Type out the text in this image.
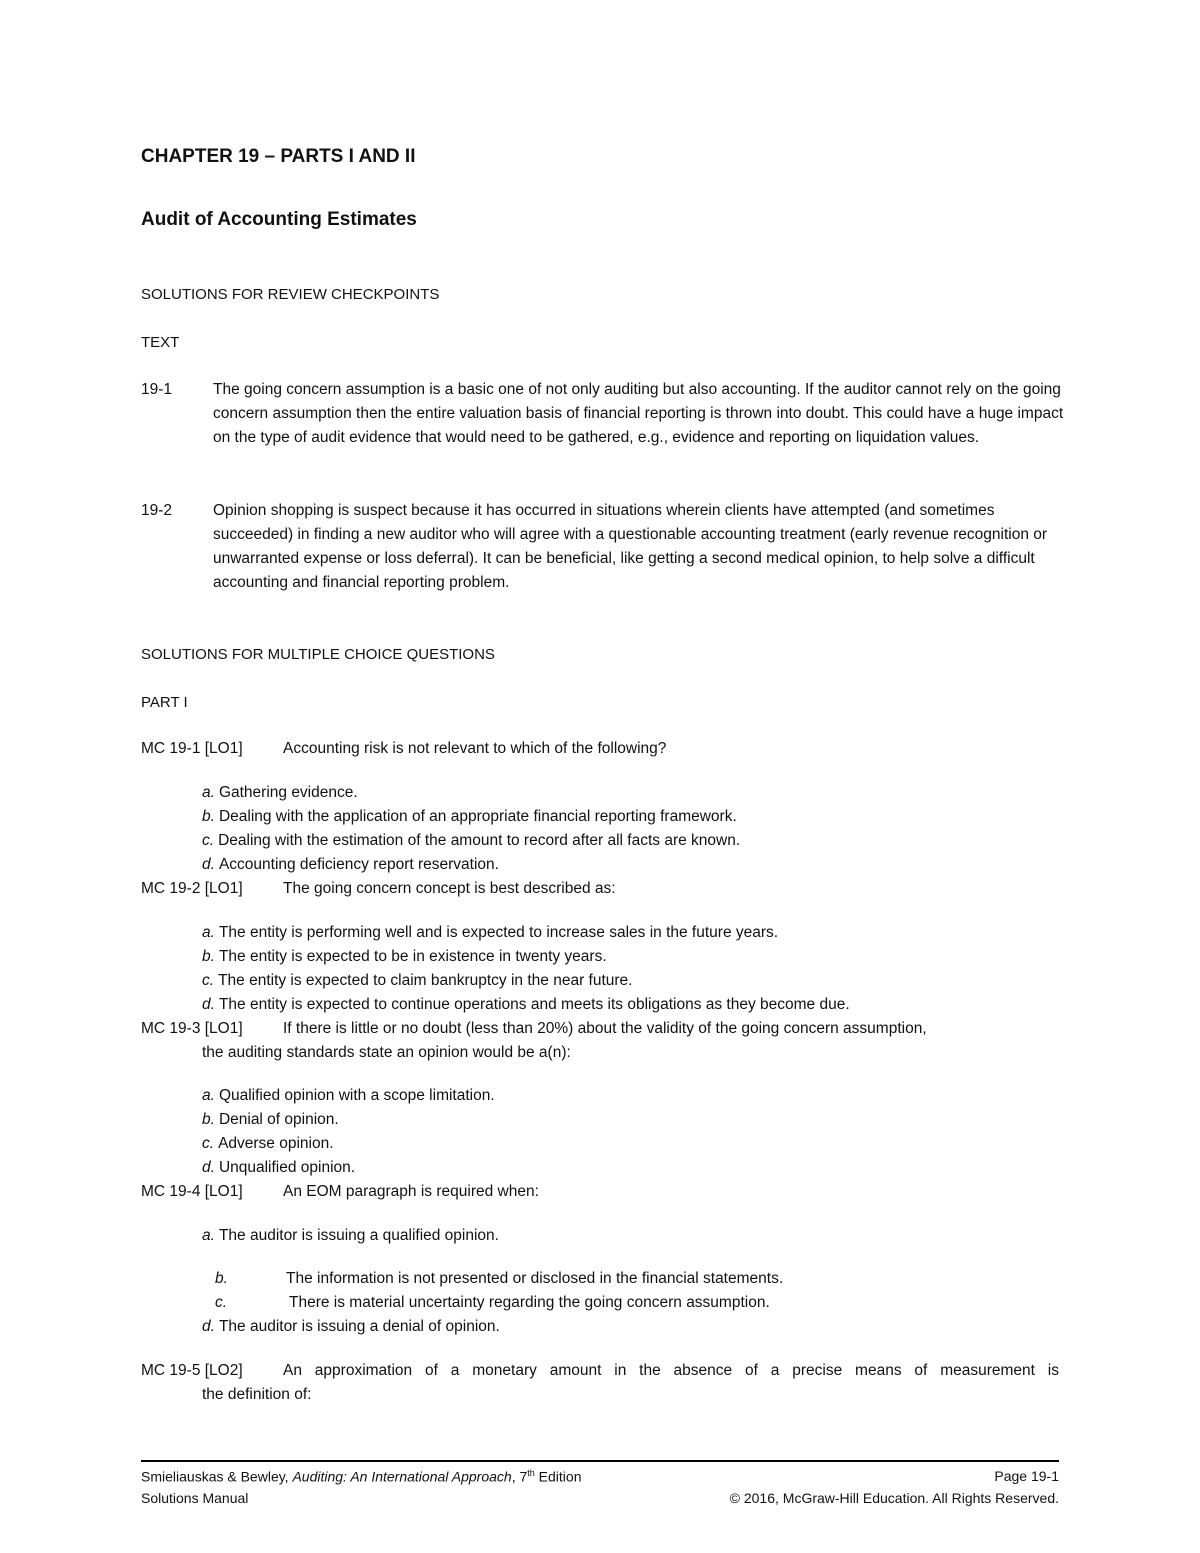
CHAPTER 19 – PARTS I AND II
Audit of Accounting Estimates
SOLUTIONS FOR REVIEW CHECKPOINTS
TEXT
19-1	The going concern assumption is a basic one of not only auditing but also accounting. If the auditor cannot rely on the going concern assumption then the entire valuation basis of financial reporting is thrown into doubt. This could have a huge impact on the type of audit evidence that would need to be gathered, e.g., evidence and reporting on liquidation values.
19-2	Opinion shopping is suspect because it has occurred in situations wherein clients have attempted (and sometimes succeeded) in finding a new auditor who will agree with a questionable accounting treatment (early revenue recognition or unwarranted expense or loss deferral). It can be beneficial, like getting a second medical opinion, to help solve a difficult accounting and financial reporting problem.
SOLUTIONS FOR MULTIPLE CHOICE QUESTIONS
PART I
MC 19-1 [LO1]	Accounting risk is not relevant to which of the following?
a. Gathering evidence.
b. Dealing with the application of an appropriate financial reporting framework.
c. Dealing with the estimation of the amount to record after all facts are known.
d. Accounting deficiency report reservation.
MC 19-2 [LO1]	The going concern concept is best described as:
a. The entity is performing well and is expected to increase sales in the future years.
b. The entity is expected to be in existence in twenty years.
c. The entity is expected to claim bankruptcy in the near future.
d. The entity is expected to continue operations and meets its obligations as they become due.
MC 19-3 [LO1]	If there is little or no doubt (less than 20%) about the validity of the going concern assumption,
the auditing standards state an opinion would be a(n):
a. Qualified opinion with a scope limitation.
b. Denial of opinion.
c. Adverse opinion.
d. Unqualified opinion.
MC 19-4 [LO1]	An EOM paragraph is required when:
a. The auditor is issuing a qualified opinion.
b.	The information is not presented or disclosed in the financial statements.
c.	There is material uncertainty regarding the going concern assumption.
d. The auditor is issuing a denial of opinion.
MC 19-5 [LO2]	An approximation of a monetary amount in the absence of a precise means of measurement is
the definition of:
Smieliauskas & Bewley, Auditing: An International Approach, 7th Edition	Page 19-1
Solutions Manual	© 2016, McGraw-Hill Education. All Rights Reserved.
